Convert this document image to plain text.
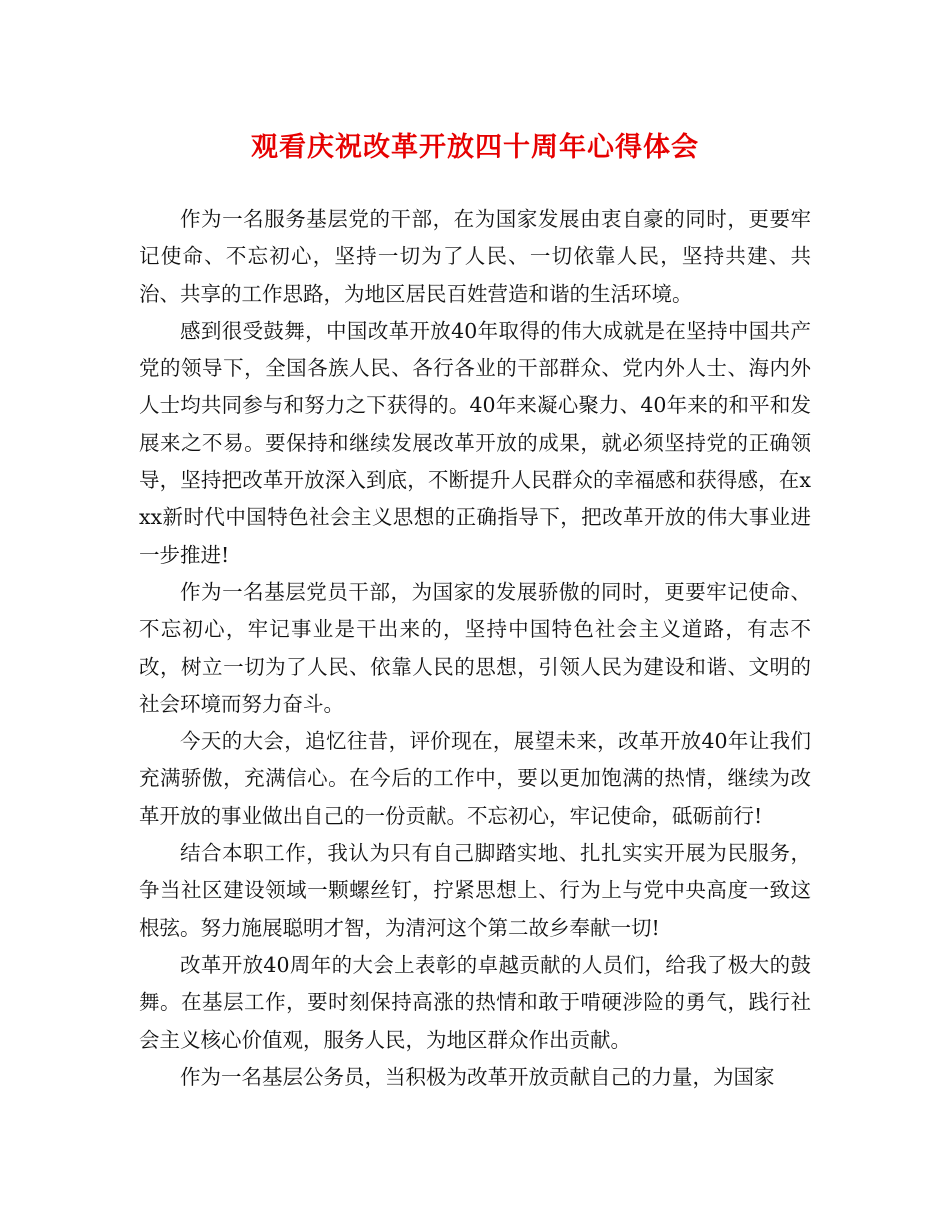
观看庆祝改革开放四十周年心得体会

作为一名服务基层党的干部，在为国家发展由衷自豪的同时，更要牢记使命、不忘初心，坚持一切为了人民、一切依靠人民，坚持共建、共治、共享的工作思路，为地区居民百姓营造和谐的生活环境。

感到很受鼓舞，中国改革开放40年取得的伟大成就是在坚持中国共产党的领导下，全国各族人民、各行各业的干部群众、党内外人士、海内外人士均共同参与和努力之下获得的。40年来凝心聚力、40年来的和平和发展来之不易。要保持和继续发展改革开放的成果，就必须坚持党的正确领导，坚持把改革开放深入到底，不断提升人民群众的幸福感和获得感，在xxx新时代中国特色社会主义思想的正确指导下，把改革开放的伟大事业进一步推进!

作为一名基层党员干部，为国家的发展骄傲的同时，更要牢记使命、不忘初心，牢记事业是干出来的，坚持中国特色社会主义道路，有志不改，树立一切为了人民、依靠人民的思想，引领人民为建设和谐、文明的社会环境而努力奋斗。

今天的大会，追忆往昔，评价现在，展望未来，改革开放40年让我们充满骄傲，充满信心。在今后的工作中，要以更加饱满的热情，继续为改革开放的事业做出自己的一份贡献。不忘初心，牢记使命，砥砺前行!

结合本职工作，我认为只有自己脚踏实地、扎扎实实开展为民服务，争当社区建设领域一颗螺丝钉，拧紧思想上、行为上与党中央高度一致这根弦。努力施展聪明才智，为清河这个第二故乡奉献一切!

改革开放40周年的大会上表彰的卓越贡献的人员们，给我了极大的鼓舞。在基层工作，要时刻保持高涨的热情和敢于啃硬涉险的勇气，践行社会主义核心价值观，服务人民，为地区群众作出贡献。

作为一名基层公务员，当积极为改革开放贡献自己的力量，为国家
